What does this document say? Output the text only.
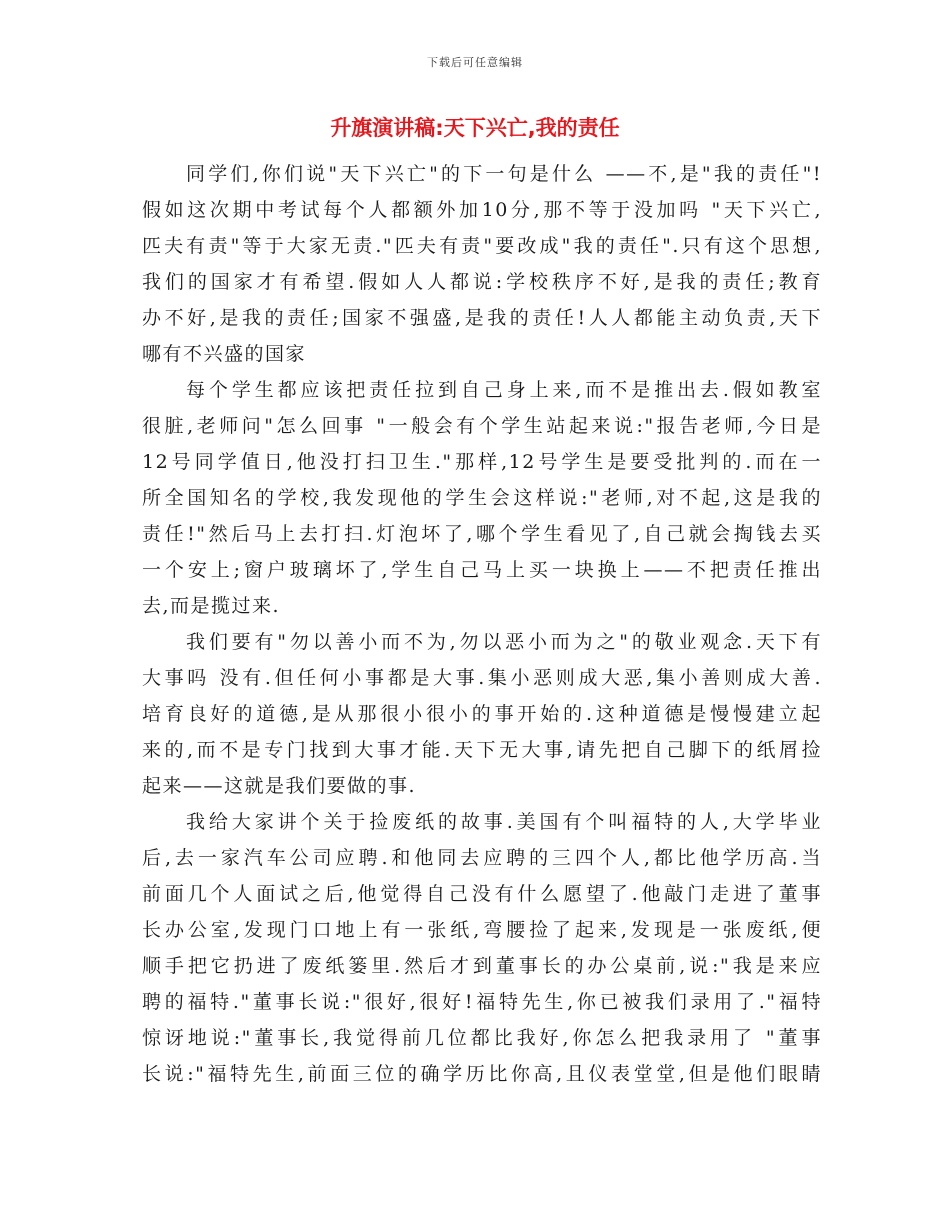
下载后可任意编辑
升旗演讲稿:天下兴亡,我的责任
同学们,你们说"天下兴亡"的下一句是什么 ——不,是"我的责任"!
假如这次期中考试每个人都额外加10分,那不等于没加吗 "天下兴亡,
匹夫有责"等于大家无责."匹夫有责"要改成"我的责任".只有这个思想,
我们的国家才有希望.假如人人都说:学校秩序不好,是我的责任;教育
办不好,是我的责任;国家不强盛,是我的责任!人人都能主动负责,天下
哪有不兴盛的国家
每个学生都应该把责任拉到自己身上来,而不是推出去.假如教室
很脏,老师问"怎么回事 "一般会有个学生站起来说:"报告老师,今日是
12号同学值日,他没打扫卫生."那样,12号学生是要受批判的.而在一
所全国知名的学校,我发现他的学生会这样说:"老师,对不起,这是我的
责任!"然后马上去打扫.灯泡坏了,哪个学生看见了,自己就会掏钱去买
一个安上;窗户玻璃坏了,学生自己马上买一块换上——不把责任推出
去,而是揽过来.
我们要有"勿以善小而不为,勿以恶小而为之"的敬业观念.天下有
大事吗 没有.但任何小事都是大事.集小恶则成大恶,集小善则成大善.
培育良好的道德,是从那很小很小的事开始的.这种道德是慢慢建立起
来的,而不是专门找到大事才能.天下无大事,请先把自己脚下的纸屑捡
起来——这就是我们要做的事.
我给大家讲个关于捡废纸的故事.美国有个叫福特的人,大学毕业
后,去一家汽车公司应聘.和他同去应聘的三四个人,都比他学历高.当
前面几个人面试之后,他觉得自己没有什么愿望了.他敲门走进了董事
长办公室,发现门口地上有一张纸,弯腰捡了起来,发现是一张废纸,便
顺手把它扔进了废纸篓里.然后才到董事长的办公桌前,说:"我是来应
聘的福特."董事长说:"很好,很好!福特先生,你已被我们录用了."福特
惊讶地说:"董事长,我觉得前几位都比我好,你怎么把我录用了 "董事
长说:"福特先生,前面三位的确学历比你高,且仪表堂堂,但是他们眼睛
